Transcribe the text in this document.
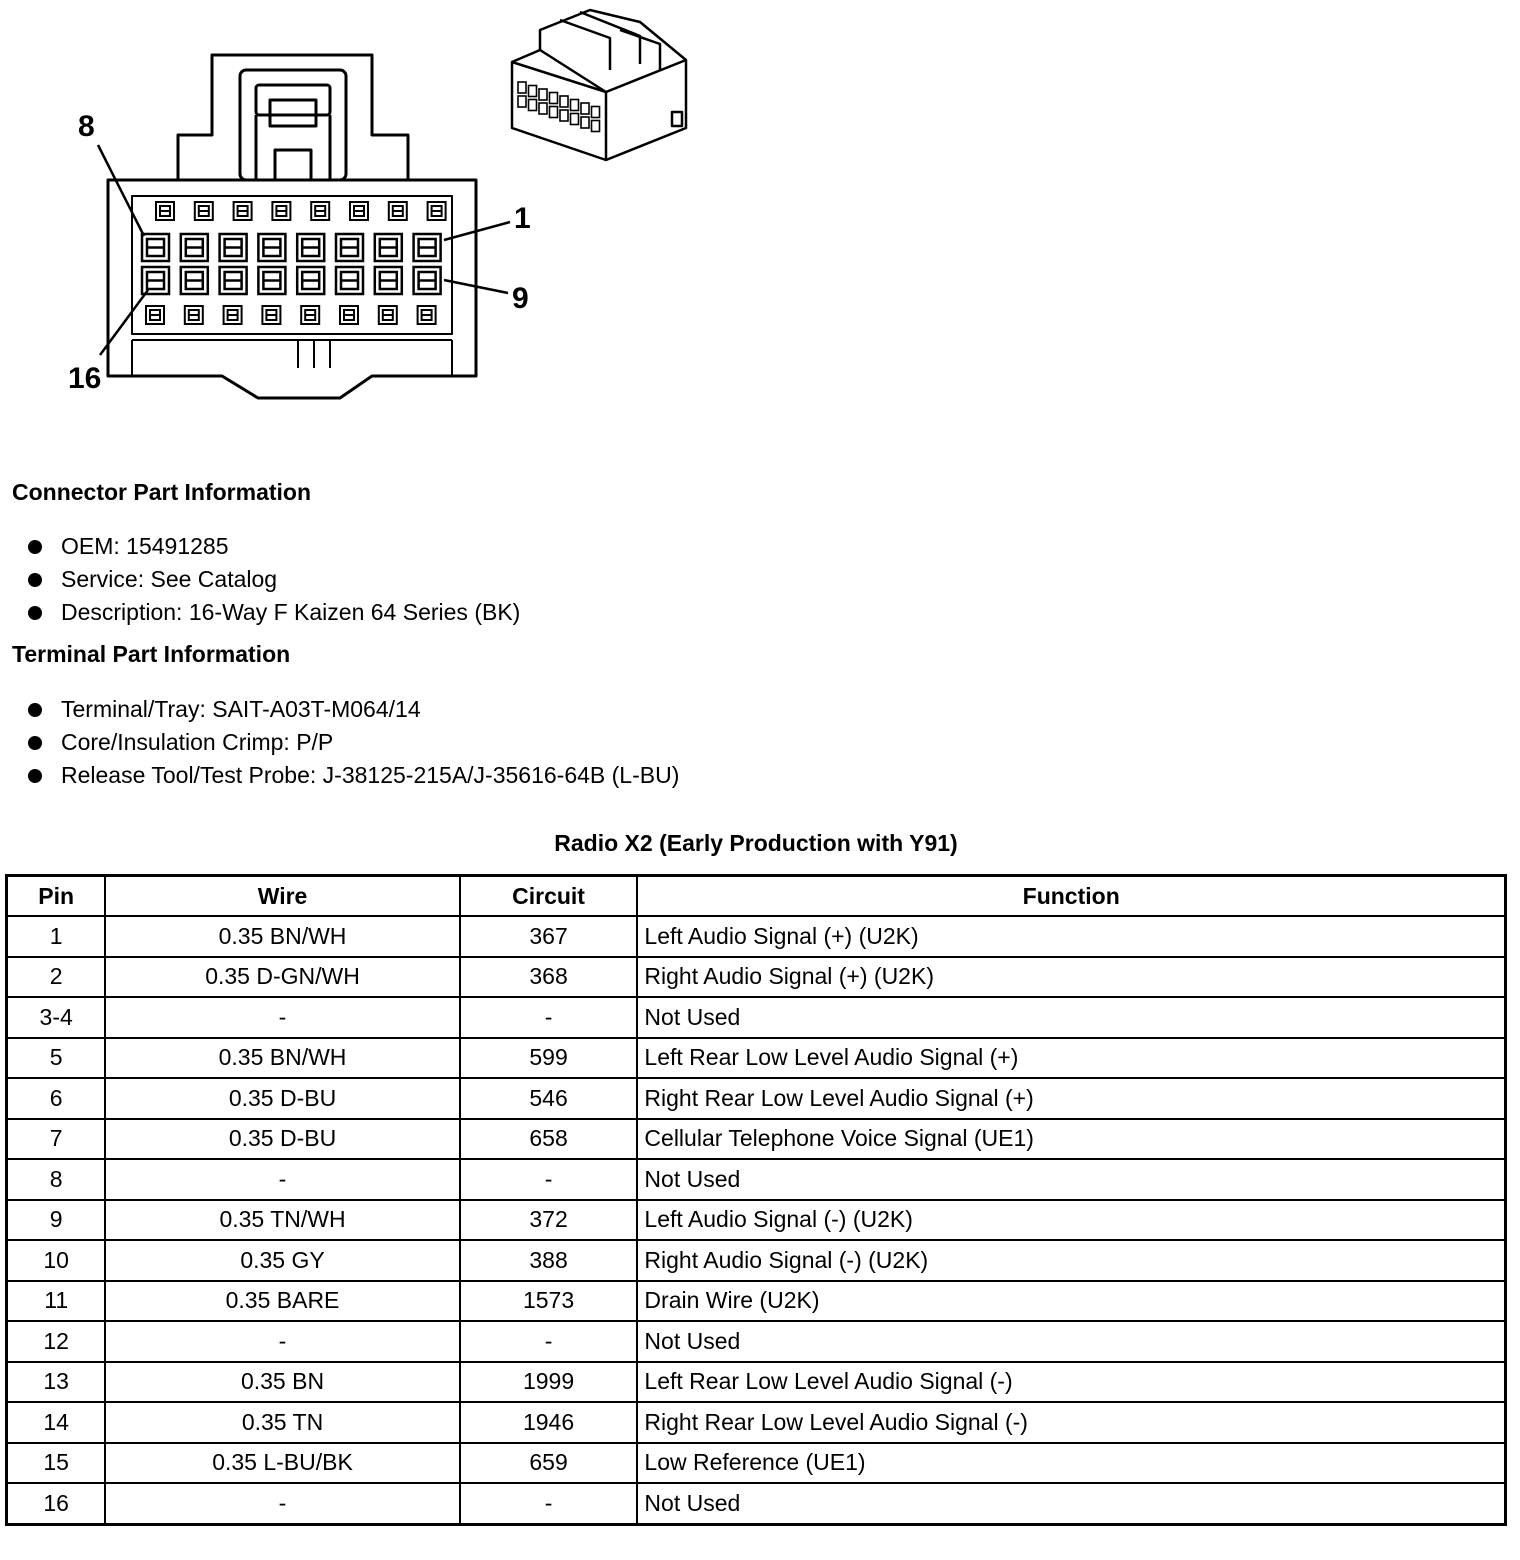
8
1
9
16
Connector Part Information
OEM: 15491285
Service: See Catalog
Description: 16-Way F Kaizen 64 Series (BK)
Terminal Part Information
Terminal/Tray: SAIT-A03T-M064/14
Core/Insulation Crimp: P/P
Release Tool/Test Probe: J-38125-215A/J-35616-64B (L-BU)
Radio X2 (Early Production with Y91)
Pin	Wire	Circuit	Function
1	0.35 BN/WH	367	Left Audio Signal (+) (U2K)
2	0.35 D-GN/WH	368	Right Audio Signal (+) (U2K)
3-4	-	-	Not Used
5	0.35 BN/WH	599	Left Rear Low Level Audio Signal (+)
6	0.35 D-BU	546	Right Rear Low Level Audio Signal (+)
7	0.35 D-BU	658	Cellular Telephone Voice Signal (UE1)
8	-	-	Not Used
9	0.35 TN/WH	372	Left Audio Signal (-) (U2K)
10	0.35 GY	388	Right Audio Signal (-) (U2K)
11	0.35 BARE	1573	Drain Wire (U2K)
12	-	-	Not Used
13	0.35 BN	1999	Left Rear Low Level Audio Signal (-)
14	0.35 TN	1946	Right Rear Low Level Audio Signal (-)
15	0.35 L-BU/BK	659	Low Reference (UE1)
16	-	-	Not Used
